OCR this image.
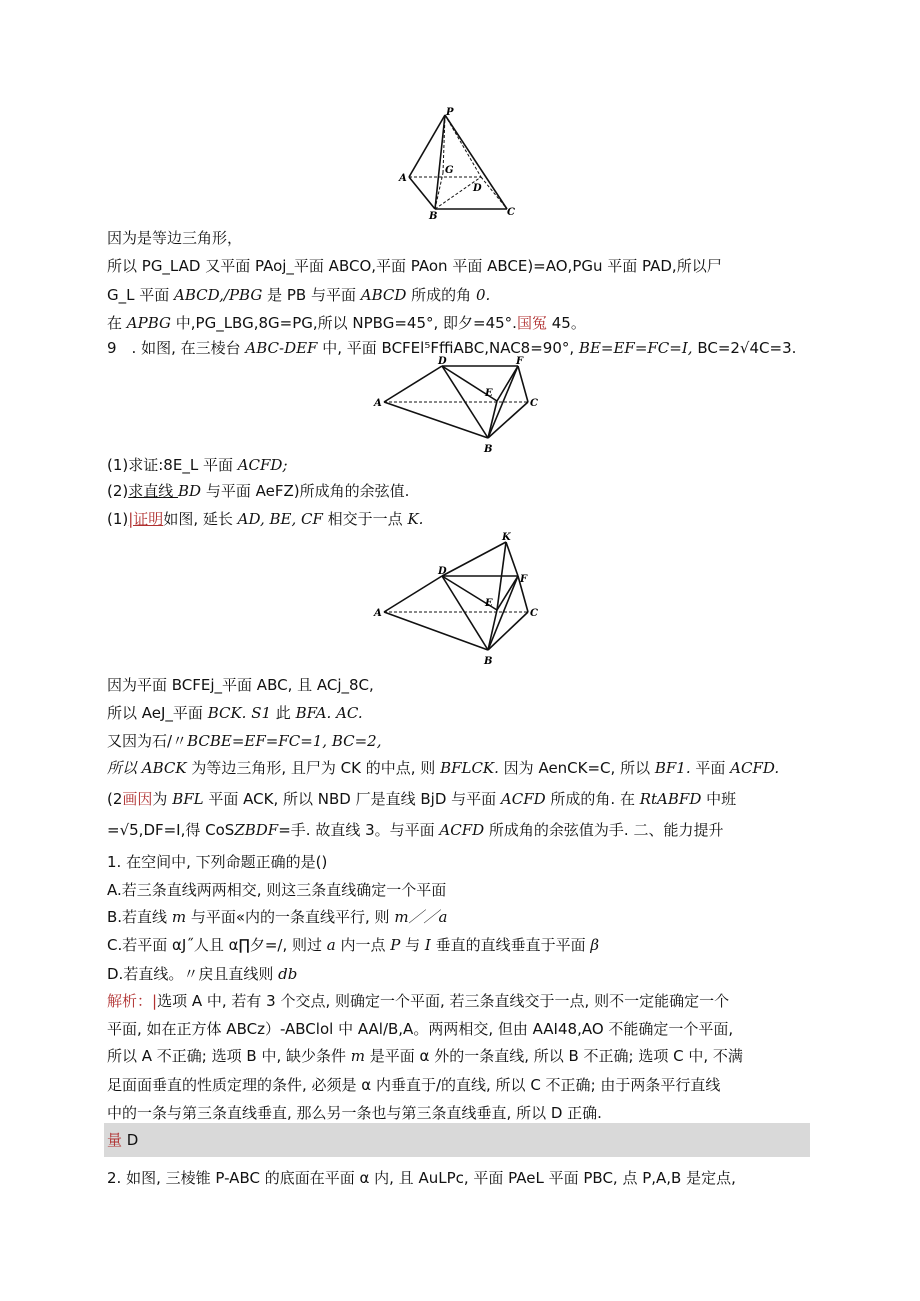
P
A
G
D
B	C
因为是等边三角形，
所以 PG_LAD 又平面 PAoj_平面 ABCO,平面 PAon 平面 ABCE)=AO,PGu 平面 PAD,所以尸
G_L 平面 ABCD,/PBG 是 PB 与平面 ABCD 所成的角 0.
在 APBG 中,PG_LBG,8G=PG,所以 NPBG=45°, 即夕=45°.国冤 45。
9　. 如图, 在三棱台 ABC-DEF 中, 平面 BCFEl⁵FffiABC,NAC8=90°, BE=EF=FC=I, BC=2√4C=3.
D	F
E
A	C
B
(1)求证:8E_L 平面 ACFD;
(2)求直线 BD 与平面 AeFZ)所成角的余弦值.
(1)|证明如图, 延长 AD, BE, CF 相交于一点 K.
K
D
F
E
A	C
B
因为平面 BCFEj_平面 ABC, 且 ACj_8C,
所以 AeJ_平面 BCK. S1 此 BFA. AC.
又因为石/〃BCBE=EF=FC=1, BC=2,
所以 ABCK 为等边三角形, 且尸为 CK 的中点, 则 BFLCK. 因为 AenCK=C, 所以 BF1. 平面 ACFD.
(2画因为 BFL 平面 ACK, 所以 NBD 厂是直线 BjD 与平面 ACFD 所成的角. 在 RtABFD 中班
=√5,DF=I,得 CoSZBDF=手. 故直线 3。与平面 ACFD 所成角的余弦值为手. 二、能力提升
1. 在空间中, 下列命题正确的是()
A.若三条直线两两相交, 则这三条直线确定一个平面
B.若直线 m 与平面«内的一条直线平行, 则 m／／a
C.若平面 αJ˝人且 α∏夕=/, 则过 a 内一点 P 与 I 垂直的直线垂直于平面 β
D.若直线。〃戻且直线则 db
解析：|选项 A 中, 若有 3 个交点, 则确定一个平面, 若三条直线交于一点, 则不一定能确定一个
平面, 如在正方体 ABCz）-ABClol 中 AAl/B,A。两两相交, 但由 AAI48,AO 不能确定一个平面,
所以 A 不正确; 选项 B 中, 缺少条件 m 是平面 α 外的一条直线, 所以 B 不正确; 选项 C 中, 不满
足面面垂直的性质定理的条件, 必须是 α 内垂直于/的直线, 所以 C 不正确; 由于两条平行直线
中的一条与第三条直线垂直, 那么另一条也与第三条直线垂直, 所以 D 正确.
量 D
2. 如图, 三棱锥 P-ABC 的底面在平面 α 内, 且 AuLPc, 平面 PAeL 平面 PBC, 点 P,A,B 是定点,
